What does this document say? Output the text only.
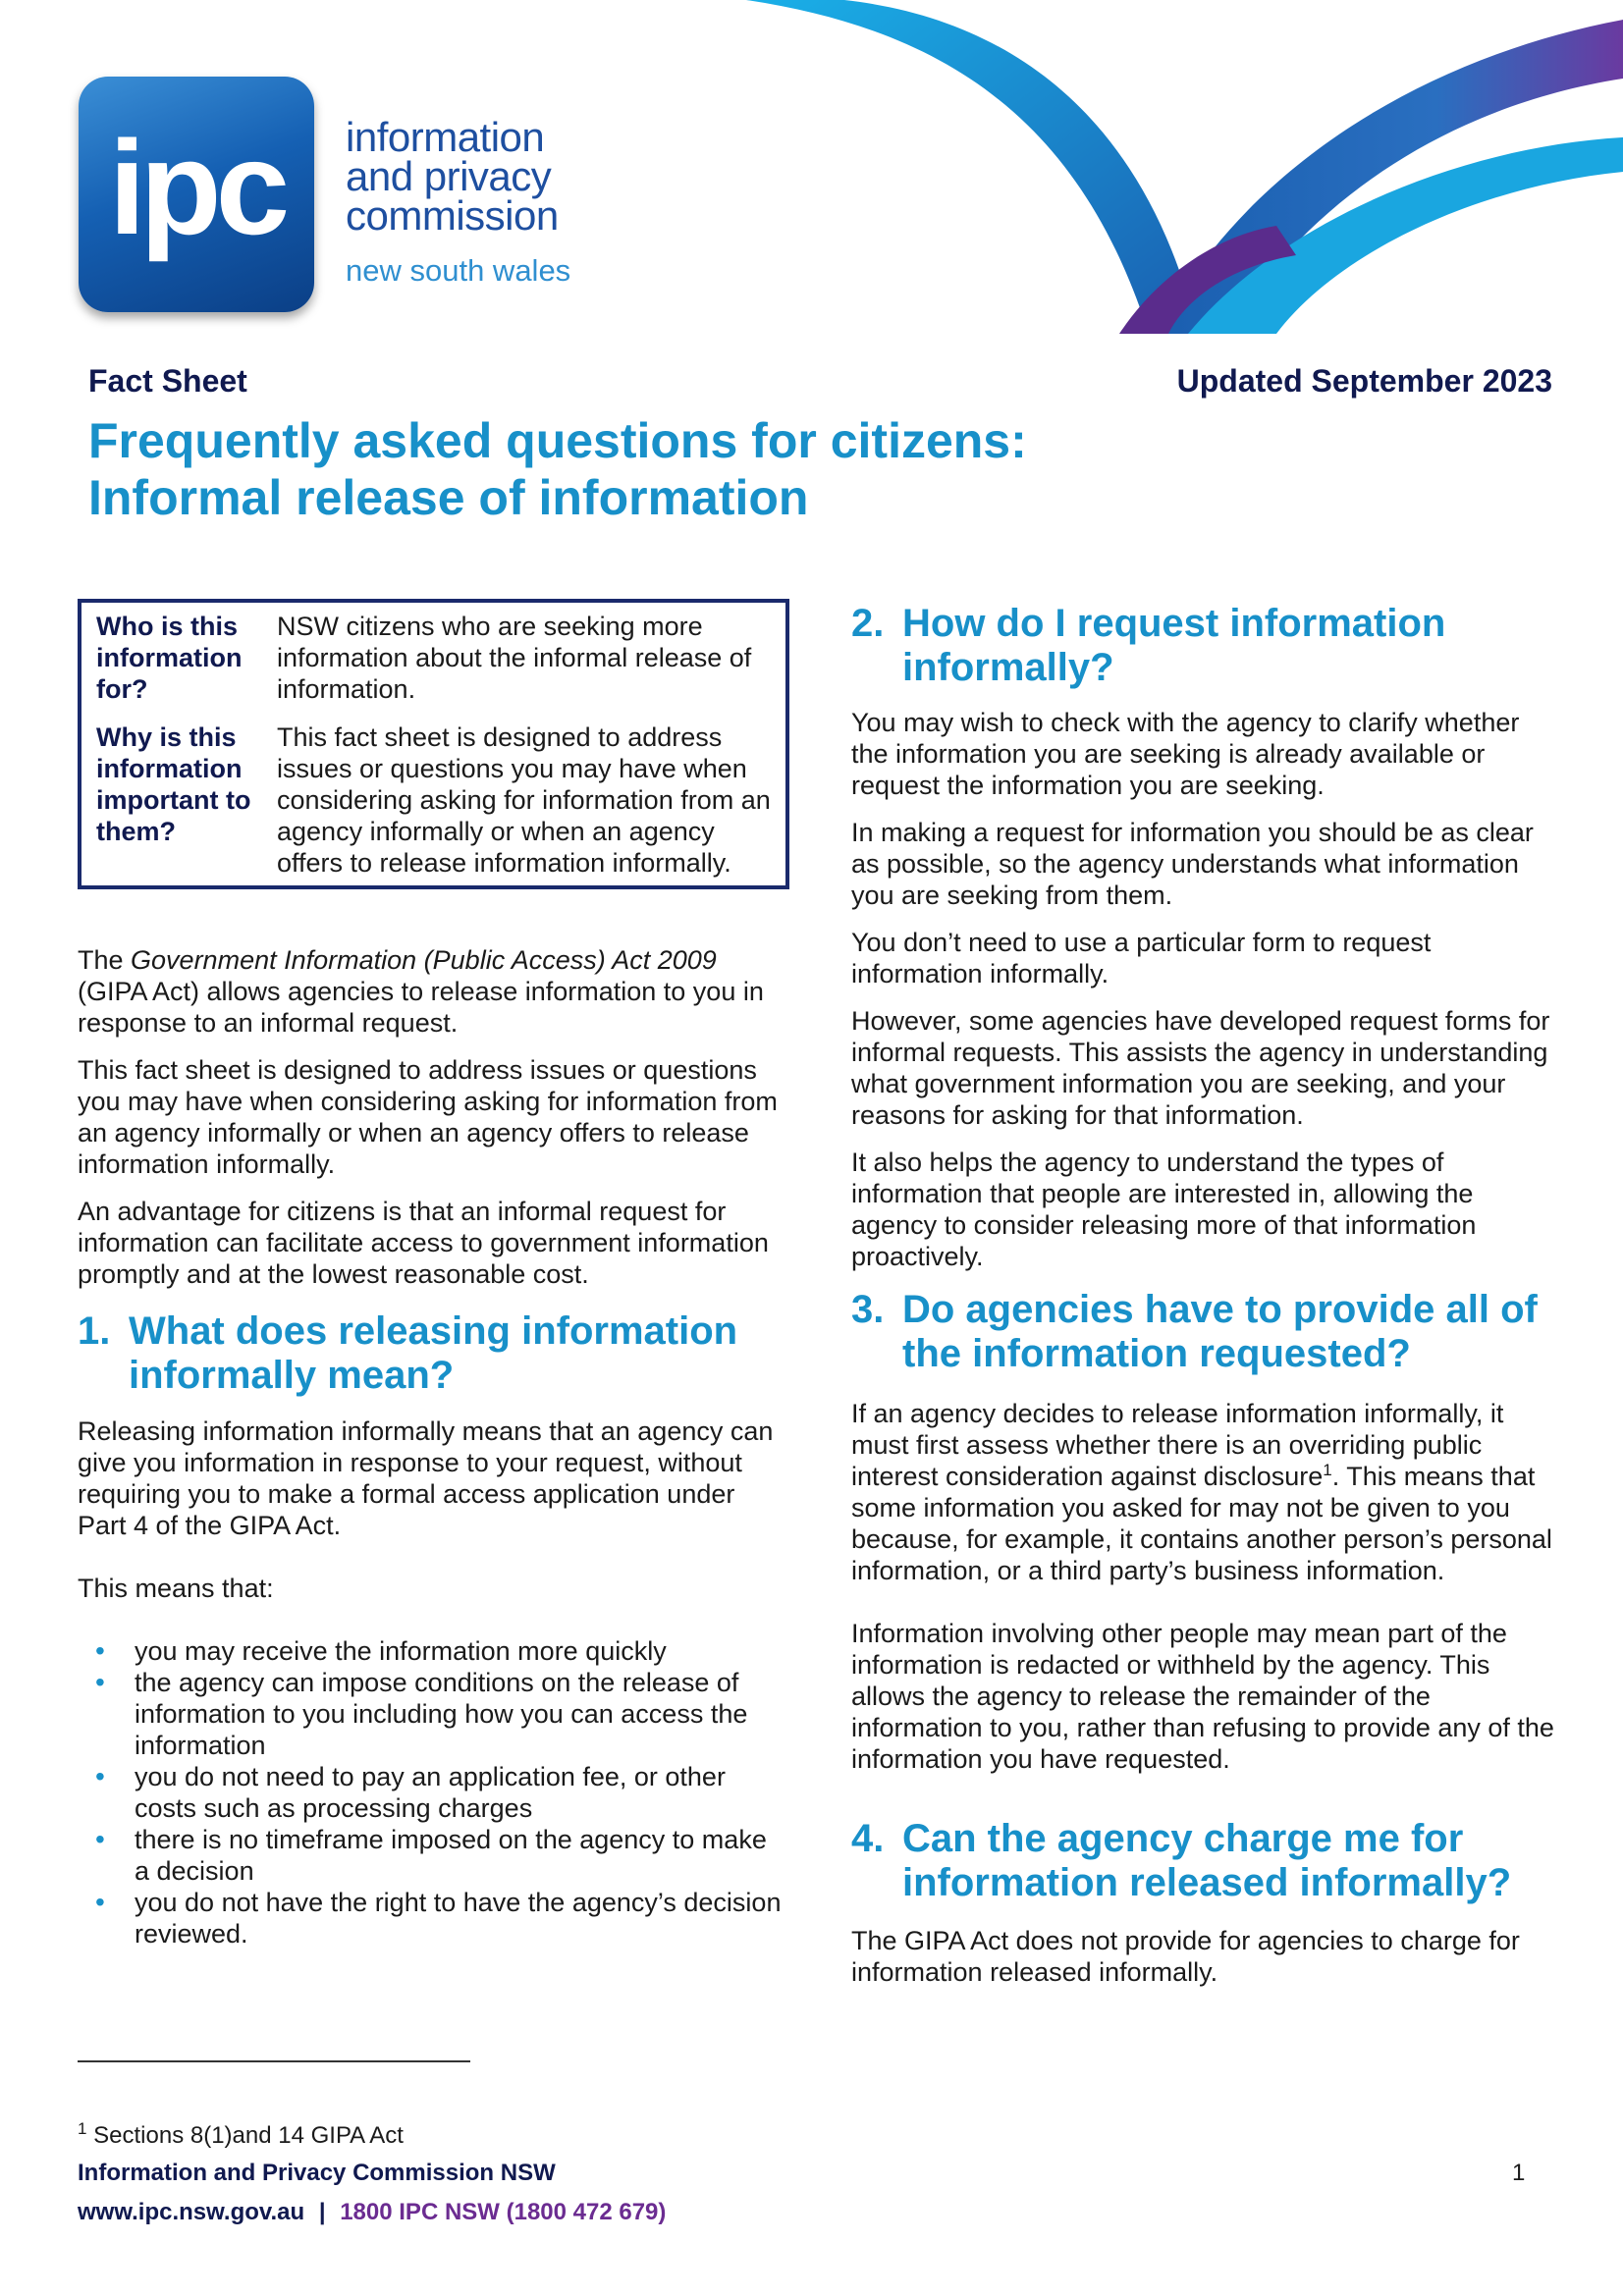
ipc	information
and privacy
commission
new south wales
Fact Sheet	Updated September 2023
Frequently asked questions for citizens:
Informal release of information
Who is this information for?
NSW citizens who are seeking more information about the informal release of information.
Why is this information important to them?
This fact sheet is designed to address issues or questions you may have when considering asking for information from an agency informally or when an agency offers to release information informally.

The Government Information (Public Access) Act 2009 (GIPA Act) allows agencies to release information to you in response to an informal request.

This fact sheet is designed to address issues or questions you may have when considering asking for information from an agency informally or when an agency offers to release information informally.

An advantage for citizens is that an informal request for information can facilitate access to government information promptly and at the lowest reasonable cost.

1. What does releasing information informally mean?

Releasing information informally means that an agency can give you information in response to your request, without requiring you to make a formal access application under Part 4 of the GIPA Act.

This means that:

• you may receive the information more quickly
• the agency can impose conditions on the release of information to you including how you can access the information
• you do not need to pay an application fee, or other costs such as processing charges
• there is no timeframe imposed on the agency to make a decision
• you do not have the right to have the agency’s decision reviewed.
2. How do I request information informally?

You may wish to check with the agency to clarify whether the information you are seeking is already available or request the information you are seeking.

In making a request for information you should be as clear as possible, so the agency understands what information you are seeking from them.

You don’t need to use a particular form to request information informally.

However, some agencies have developed request forms for informal requests. This assists the agency in understanding what government information you are seeking, and your reasons for asking for that information.

It also helps the agency to understand the types of information that people are interested in, allowing the agency to consider releasing more of that information proactively.

3. Do agencies have to provide all of the information requested?

If an agency decides to release information informally, it must first assess whether there is an overriding public interest consideration against disclosure$^1$. This means that some information you asked for may not be given to you because, for example, it contains another person’s personal information, or a third party’s business information.

Information involving other people may mean part of the information is redacted or withheld by the agency. This allows the agency to release the remainder of the information to you, rather than refusing to provide any of the information you have requested.

4. Can the agency charge me for information released informally?

The GIPA Act does not provide for agencies to charge for information released informally.

$^1$ Sections 8(1)and 14 GIPA Act
Information and Privacy Commission NSW
www.ipc.nsw.gov.au | 1800 IPC NSW (1800 472 679)
1
